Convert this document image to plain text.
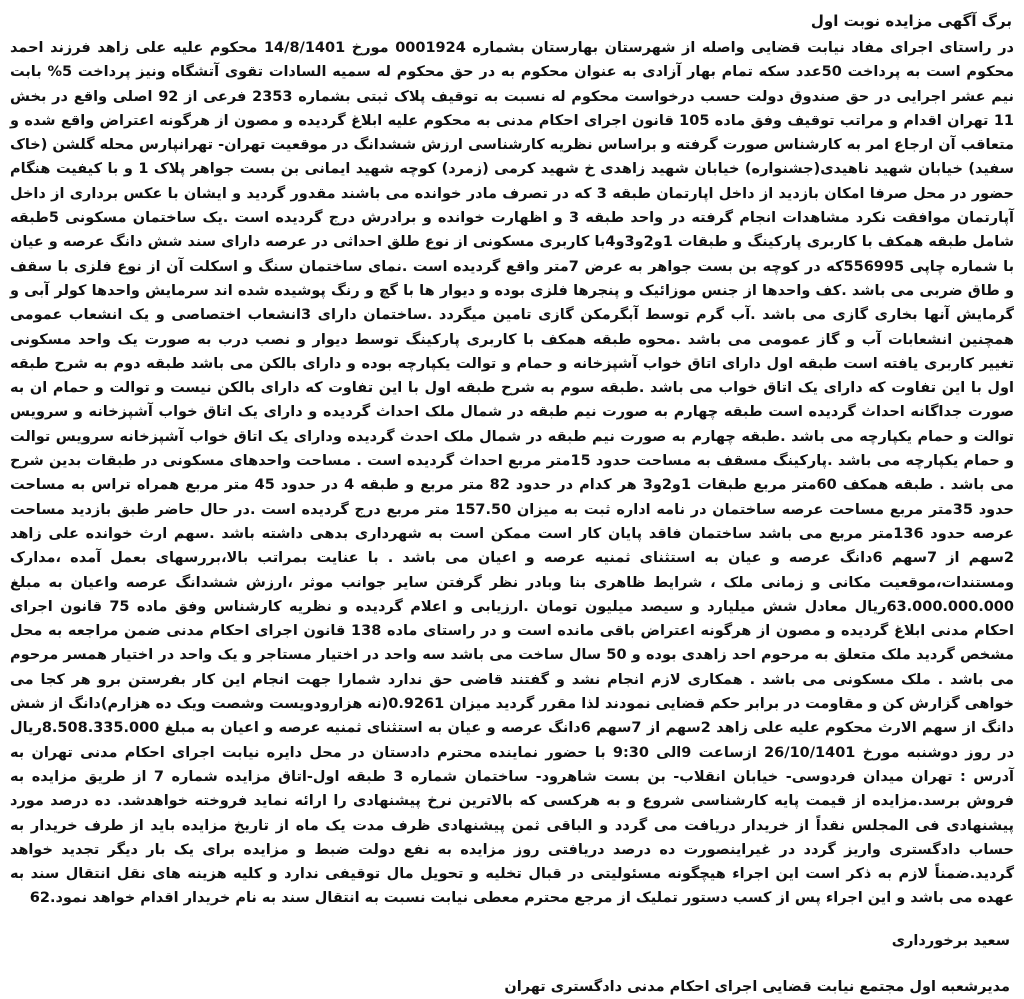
برگ آگهی مزایده نوبت اول

در راستای اجرای مفاد نیابت قضایی واصله از شهرستان بهارستان بشماره 0001924 مورخ 14/8/1401 محکوم علیه علی زاهد فرزند احمد محکوم است به پرداخت 50عدد سکه تمام بهار آزادی به عنوان محکوم به در حق محکوم له سمیه السادات تقوی آتشگاه ونیز پرداخت 5% بابت نیم عشر اجرایی در حق صندوق دولت حسب درخواست محکوم له نسبت به توقیف پلاک ثبتی بشماره 2353 فرعی از 92 اصلی واقع در بخش 11 تهران اقدام و مراتب توقیف وفق ماده 105 قانون اجرای احکام مدنی به محکوم علیه ابلاغ گردیده و مصون از هرگونه اعتراض واقع شده و متعاقب آن ارجاع امر به کارشناس صورت گرفته و براساس نظریه کارشناسی ارزش ششدانگ در موقعیت تهران- تهرانپارس محله گلشن (خاک سفید) خیابان شهید ناهیدی(جشنواره) خیابان شهید زاهدی خ شهید کرمی (زمرد) کوچه شهید ایمانی بن بست جواهر پلاک 1 و با کیفیت هنگام حضور در محل صرفا امکان بازدید از داخل اپارتمان طبقه 3 که در تصرف مادر خوانده می باشند مقدور گردید و ایشان با عکس برداری از داخل آپارتمان موافقت نکرد مشاهدات انجام گرفته در واحد طبقه 3 و اظهارت خوانده و برادرش درج گردیده است .یک ساختمان مسکونی 5طبقه شامل طبقه همکف با کاربری پارکینگ و طبقات 1و2و3و4با کاربری مسکونی از نوع طلق احداثی در عرصه دارای سند شش دانگ عرصه و عیان با شماره چاپی 556995که در کوچه بن بست جواهر به عرض 7متر واقع گردیده است .نمای ساختمان سنگ و اسکلت آن از نوع فلزی با سقف و طاق ضربی می باشد .کف واحدها از جنس موزائیک و پنجرها فلزی بوده و دیوار ها با گچ و رنگ پوشیده شده اند سرمایش واحدها کولر آبی و گرمایش آنها بخاری گازی می باشد .آب گرم توسط آبگرمکن گازی تامین میگردد .ساختمان دارای 3انشعاب اختصاصی و یک انشعاب عمومی همچنین انشعابات آب و گاز عمومی می باشد .محوه طبقه همکف با کاربری پارکینگ توسط دیوار و نصب درب به صورت یک واحد مسکونی تغییر کاربری یافته است طبقه اول دارای اتاق خواب آشپزخانه و حمام و توالت یکپارچه بوده و دارای بالکن می باشد طبقه دوم به شرح طبقه اول با این تفاوت که دارای یک اتاق خواب می باشد .طبقه سوم به شرح طبقه اول با این تفاوت که دارای بالکن نیست و توالت و حمام ان به صورت جداگانه احداث گردیده است طبقه چهارم به صورت نیم طبقه در شمال ملک احداث گردیده و دارای یک اتاق خواب آشپزخانه و سرویس توالت و حمام یکپارچه می باشد .طبقه چهارم به صورت نیم طبقه در شمال ملک احدث گردیده ودارای یک اتاق خواب آشپزخانه سرویس توالت و حمام یکپارچه می باشد .پارکینگ مسقف به مساحت حدود 15متر مربع احداث گردیده است . مساحت واحدهای مسکونی در طبقات بدین شرح می باشد . طبقه همکف 60متر مربع طبقات 1و2و3 هر کدام در حدود 82 متر مربع و طبقه 4 در حدود 45 متر مربع همراه تراس به مساحت حدود 35متر مربع مساحت عرصه ساختمان در نامه اداره ثبت به میزان 157.50 متر مربع درج گردیده است .در حال حاضر طبق بازدید مساحت عرصه حدود 136متر مربع می باشد ساختمان فاقد پایان کار است ممکن است به شهرداری بدهی داشته باشد .سهم ارث خوانده علی زاهد 2سهم از 7سهم 6دانگ عرصه و عیان به استثنای ثمنیه عرصه و اعیان می باشد . با عنایت بمراتب بالا،بررسهای بعمل آمده ،مدارک ومستندات،موقعیت مکانی و زمانی ملک ، شرایط ظاهری بنا وبادر نظر گرفتن سایر جوانب موثر ،ارزش ششدانگ عرصه واعیان به مبلغ 63.000.000.000ریال معادل شش میلیارد و سیصد میلیون تومان .ارزیابی و اعلام گردیده و نظریه کارشناس وفق ماده 75 قانون اجرای احکام مدنی ابلاغ گردیده و مصون از هرگونه اعتراض باقی مانده است و در راستای ماده 138 قانون اجرای احکام مدنی ضمن مراجعه به محل مشخص گردید ملک متعلق به مرحوم احد زاهدی بوده و 50 سال ساخت می باشد سه واحد در اختیار مستاجر و یک واحد در اختیار همسر مرحوم می باشد . ملک مسکونی می باشد . همکاری لازم انجام نشد و گفتند قاضی حق ندارد شمارا جهت انجام این کار بفرستن برو هر کجا می خواهی گزارش کن و مقاومت در برابر حکم قضایی نمودند لذا مقرر گردید میزان 0.9261(نه هزارودویست وشصت ویک ده هزارم)دانگ از شش دانگ از سهم الارث محکوم علیه علی زاهد 2سهم از 7سهم 6دانگ عرصه و عیان به استثنای ثمنیه عرصه و اعیان به مبلغ 8.508.335.000ریال در روز دوشنبه مورخ 26/10/1401 ازساعت 9الی 9:30 با حضور نماینده محترم دادستان در محل دایره نیابت اجرای احکام مدنی تهران به آدرس : تهران میدان فردوسی- خیابان انقلاب- بن بست شاهرود- ساختمان شماره 3 طبقه اول-اتاق مزایده شماره 7 از طریق مزایده به فروش برسد.مزایده از قیمت پایه کارشناسی شروع و به هرکسی که بالاترین نرخ پیشنهادی را ارائه نماید فروخته خواهدشد. ده درصد مورد پیشنهادی فی المجلس نقداً از خریدار دریافت می گردد و الباقی ثمن پیشنهادی ظرف مدت یک ماه از تاریخ مزایده باید از طرف خریدار به حساب دادگستری واریز گردد در غیراینصورت ده درصد دریافتی روز مزایده به نفع دولت ضبط و مزایده برای یک بار دیگر تجدید خواهد گردید.ضمناً لازم به ذکر است این اجراء هیچگونه مسئولیتی در قبال تخلیه و تحویل مال توقیفی ندارد و کلیه هزینه های نقل انتقال سند به عهده می باشد و این اجراء پس از کسب دستور تملیک از مرجع محترم معطی نیابت نسبت به انتقال سند به نام خریدار اقدام خواهد نمود.62

سعید برخورداری
مدیرشعبه اول مجتمع نیابت قضایی اجرای احکام مدنی دادگستری تهران
